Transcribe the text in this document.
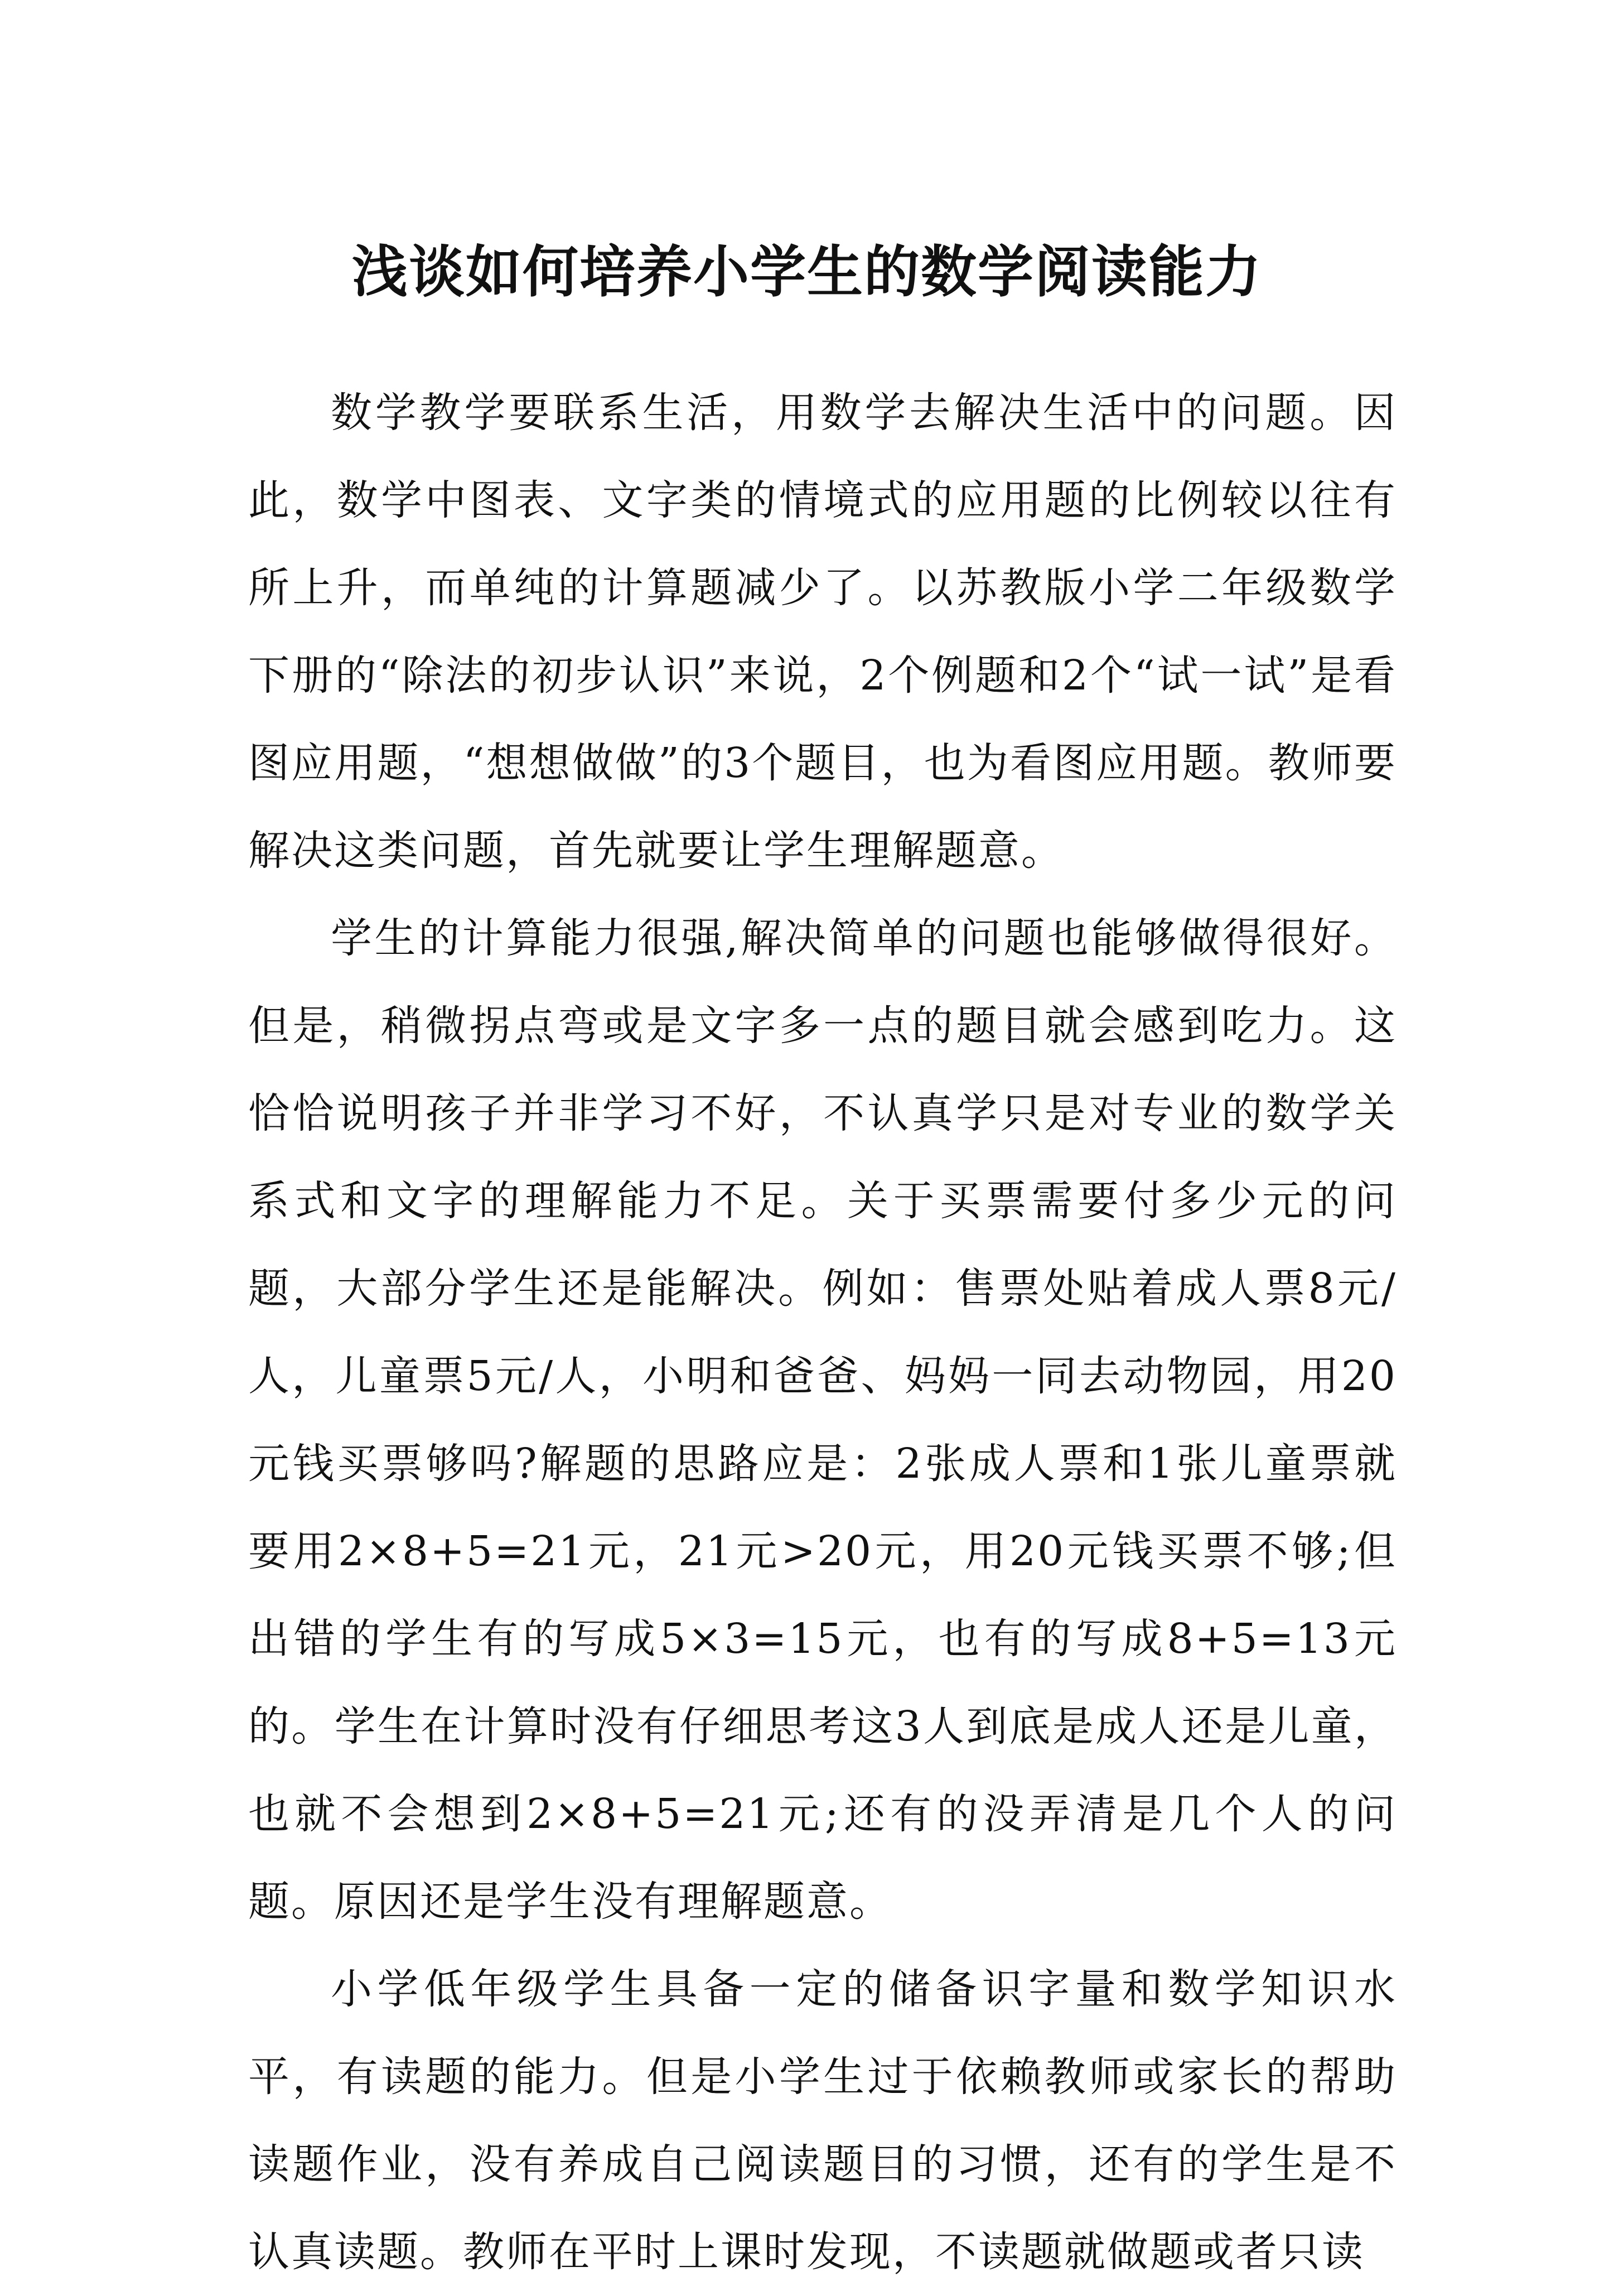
浅谈如何培养小学生的数学阅读能力

数学教学要联系生活，用数学去解决生活中的问题。因此，数学中图表、文字类的情境式的应用题的比例较以往有所上升，而单纯的计算题减少了。以苏教版小学二年级数学下册的“除法的初步认识”来说，2个例题和2个“试一试”是看图应用题，“想想做做”的3个题目，也为看图应用题。教师要解决这类问题，首先就要让学生理解题意。

学生的计算能力很强,解决简单的问题也能够做得很好。但是，稍微拐点弯或是文字多一点的题目就会感到吃力。这恰恰说明孩子并非学习不好，不认真学只是对专业的数学关系式和文字的理解能力不足。关于买票需要付多少元的问题，大部分学生还是能解决。例如：售票处贴着成人票8元/人，儿童票5元/人，小明和爸爸、妈妈一同去动物园，用20元钱买票够吗?解题的思路应是：2张成人票和1张儿童票就要用2×8+5=21元，21元>20元，用20元钱买票不够;但出错的学生有的写成5×3=15元，也有的写成8+5=13元的。学生在计算时没有仔细思考这3人到底是成人还是儿童，也就不会想到2×8+5=21元;还有的没弄清是几个人的问题。原因还是学生没有理解题意。

小学低年级学生具备一定的储备识字量和数学知识水平，有读题的能力。但是小学生过于依赖教师或家长的帮助读题作业，没有养成自己阅读题目的习惯，还有的学生是不认真读题。教师在平时上课时发现，不读题就做题或者只读
